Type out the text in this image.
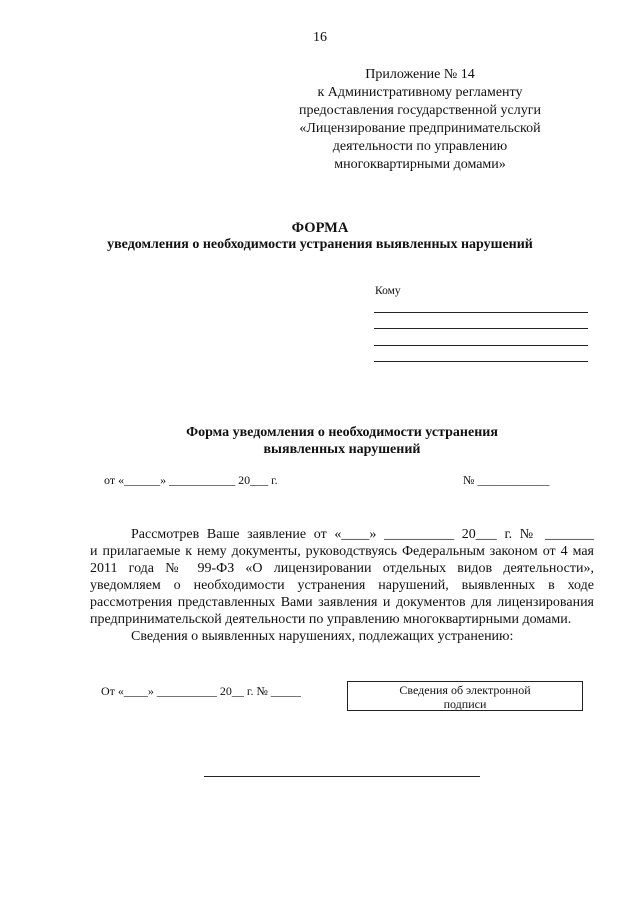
16
Приложение № 14
к Административному регламенту
предоставления государственной услуги
«Лицензирование предпринимательской
деятельности по управлению
многоквартирными домами»
ФОРМА
уведомления о необходимости устранения выявленных нарушений
Кому
Форма уведомления о необходимости устранения
выявленных нарушений
от «______» ___________ 20___ г.	№ ____________

Рассмотрев Ваше заявление от «____» __________ 20___ г. № _______

и прилагаемые к нему документы, руководствуясь Федеральным законом от 4 мая 2011 года № 99-ФЗ «О лицензировании отдельных видов деятельности», уведомляем о необходимости устранения нарушений, выявленных в ходе рассмотрения представленных Вами заявления и документов для лицензирования предпринимательской деятельности по управлению многоквартирными домами.

Сведения о выявленных нарушениях, подлежащих устранению:

От «____» __________ 20__ г. № _____	Сведения об электронной
подписи
